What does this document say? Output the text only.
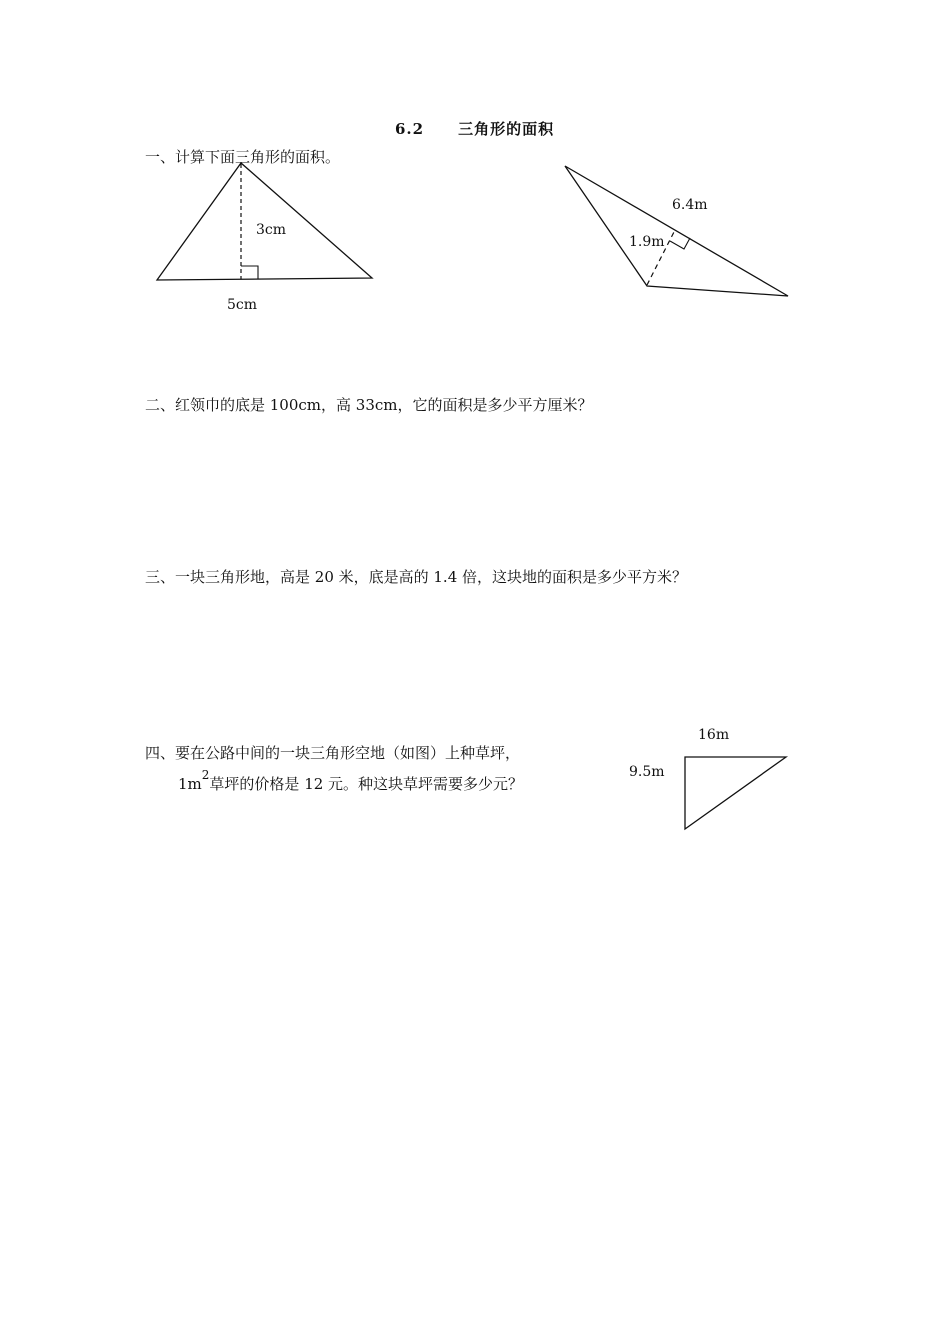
6.2 三角形的面积
一、计算下面三角形的面积。
3cm
5cm
6.4m
1.9m
二、红领巾的底是 100cm，高 33cm，它的面积是多少平方厘米？
三、一块三角形地，高是 20 米，底是高的 1.4 倍，这块地的面积是多少平方米？
四、要在公路中间的一块三角形空地（如图）上种草坪，
$1m^2$草坪的价格是 12 元。种这块草坪需要多少元？
16m
9.5m
